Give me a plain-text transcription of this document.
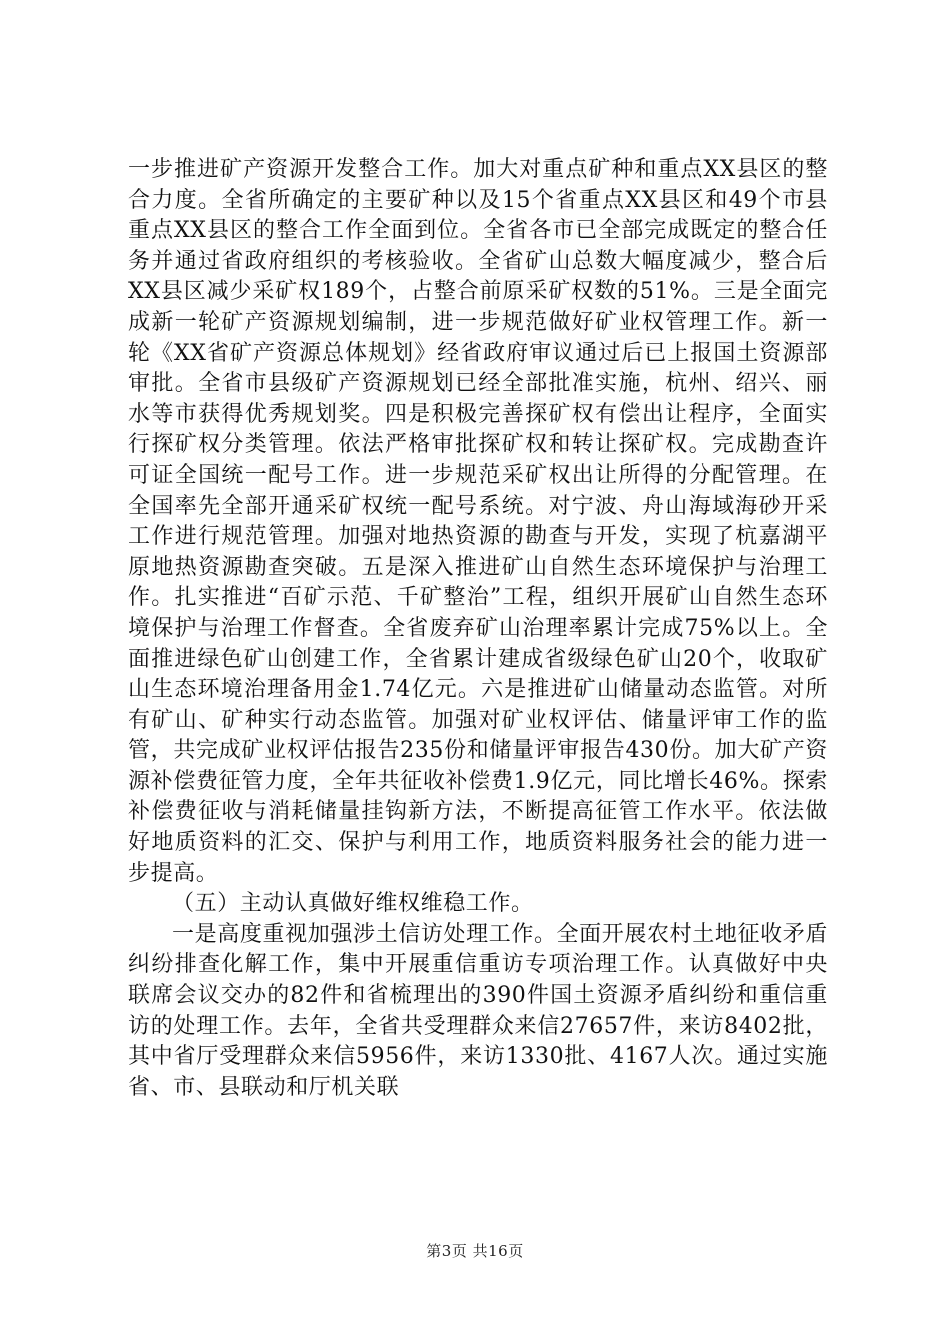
一步推进矿产资源开发整合工作。加大对重点矿种和重点XX县区的整合力度。全省所确定的主要矿种以及15个省重点XX县区和49个市县重点XX县区的整合工作全面到位。全省各市已全部完成既定的整合任务并通过省政府组织的考核验收。全省矿山总数大幅度减少，整合后XX县区减少采矿权189个，占整合前原采矿权数的51%。三是全面完成新一轮矿产资源规划编制，进一步规范做好矿业权管理工作。新一轮《XX省矿产资源总体规划》经省政府审议通过后已上报国土资源部审批。全省市县级矿产资源规划已经全部批准实施，杭州、绍兴、丽水等市获得优秀规划奖。四是积极完善探矿权有偿出让程序，全面实行探矿权分类管理。依法严格审批探矿权和转让探矿权。完成勘查许可证全国统一配号工作。进一步规范采矿权出让所得的分配管理。在全国率先全部开通采矿权统一配号系统。对宁波、舟山海域海砂开采工作进行规范管理。加强对地热资源的勘查与开发，实现了杭嘉湖平原地热资源勘查突破。五是深入推进矿山自然生态环境保护与治理工作。扎实推进“百矿示范、千矿整治”工程，组织开展矿山自然生态环境保护与治理工作督查。全省废弃矿山治理率累计完成75%以上。全面推进绿色矿山创建工作，全省累计建成省级绿色矿山20个，收取矿山生态环境治理备用金1.74亿元。六是推进矿山储量动态监管。对所有矿山、矿种实行动态监管。加强对矿业权评估、储量评审工作的监管，共完成矿业权评估报告235份和储量评审报告430份。加大矿产资源补偿费征管力度，全年共征收补偿费1.9亿元，同比增长46%。探索补偿费征收与消耗储量挂钩新方法，不断提高征管工作水平。依法做好地质资料的汇交、保护与利用工作，地质资料服务社会的能力进一步提高。

（五）主动认真做好维权维稳工作。

一是高度重视加强涉土信访处理工作。全面开展农村土地征收矛盾纠纷排查化解工作，集中开展重信重访专项治理工作。认真做好中央联席会议交办的82件和省梳理出的390件国土资源矛盾纠纷和重信重访的处理工作。去年，全省共受理群众来信27657件，来访8402批，其中省厅受理群众来信5956件，来访1330批、4167人次。通过实施省、市、县联动和厅机关联

第3页 共16页
